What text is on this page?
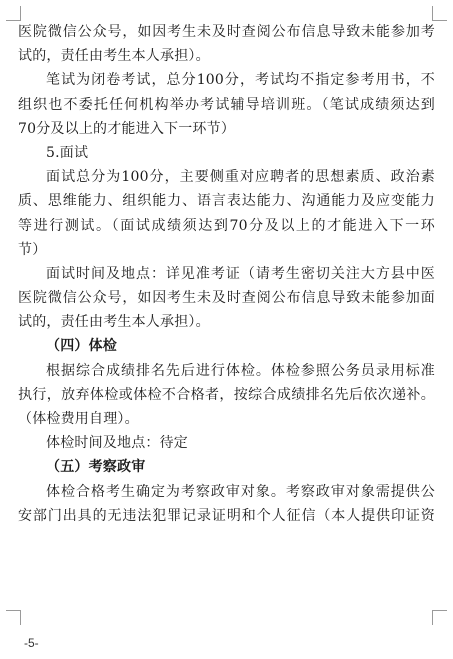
医院微信公众号，如因考生未及时查阅公布信息导致未能参加考
试的，责任由考生本人承担）。
笔试为闭卷考试，总分100分，考试均不指定参考用书，不
组织也不委托任何机构举办考试辅导培训班。（笔试成绩须达到
70分及以上的才能进入下一环节）
5.面试
面试总分为100分，主要侧重对应聘者的思想素质、政治素
质、思维能力、组织能力、语言表达能力、沟通能力及应变能力
等进行测试。（面试成绩须达到70分及以上的才能进入下一环
节）
面试时间及地点：详见准考证（请考生密切关注大方县中医
医院微信公众号，如因考生未及时查阅公布信息导致未能参加面
试的，责任由考生本人承担）。
（四）体检
根据综合成绩排名先后进行体检。体检参照公务员录用标准
执行，放弃体检或体检不合格者，按综合成绩排名先后依次递补。
（体检费用自理）。
体检时间及地点：待定
（五）考察政审
体检合格考生确定为考察政审对象。考察政审对象需提供公
安部门出具的无违法犯罪记录证明和个人征信（本人提供印证资
-5-
